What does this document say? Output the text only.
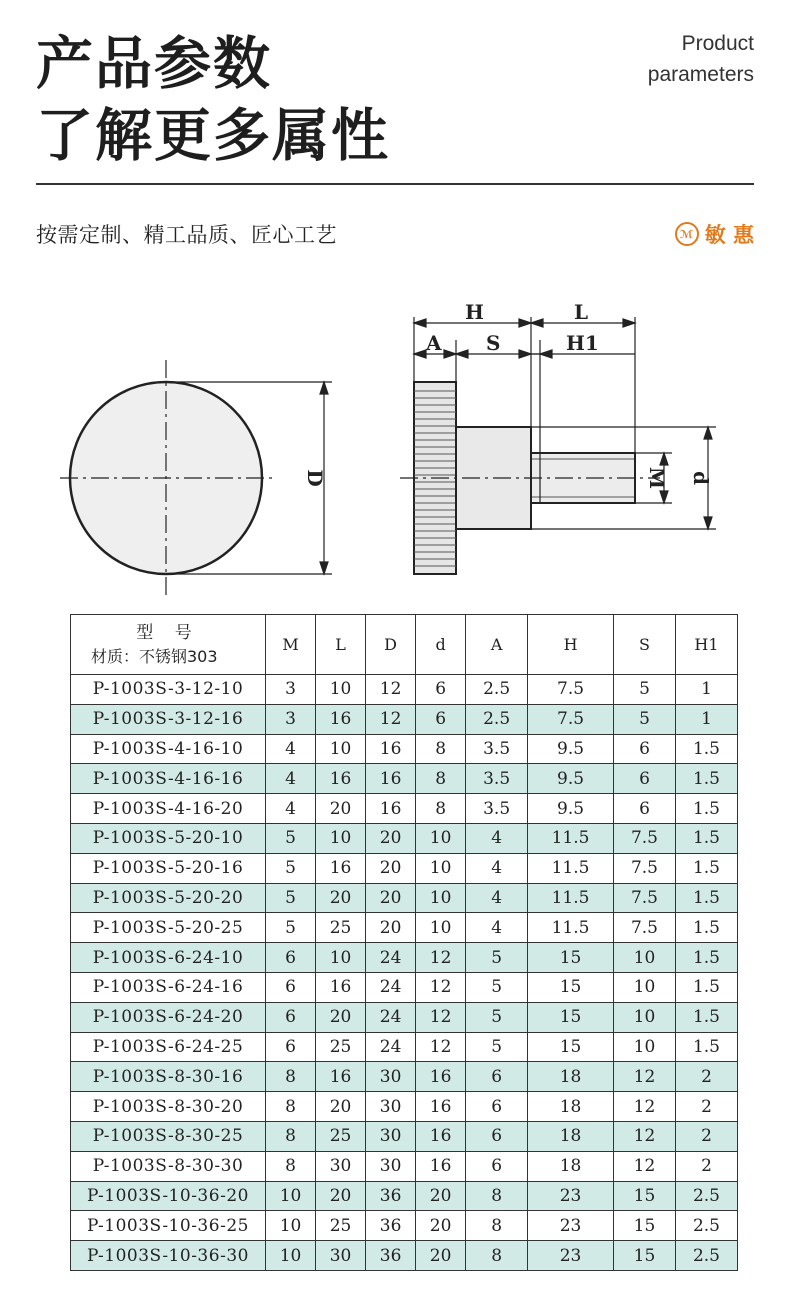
产品参数
了解更多属性
Product
parameters
按需定制、精工品质、匠心工艺	ℳ 敏 惠
H	L
A S	H1
D	M d
型 号
材质：不锈钢303	M	L	D	d	A	H	S	H1
P-1003S-3-12-10	3	10	12	6	2.5	7.5	5	1
P-1003S-3-12-16	3	16	12	6	2.5	7.5	5	1
P-1003S-4-16-10	4	10	16	8	3.5	9.5	6	1.5
P-1003S-4-16-16	4	16	16	8	3.5	9.5	6	1.5
P-1003S-4-16-20	4	20	16	8	3.5	9.5	6	1.5
P-1003S-5-20-10	5	10	20	10	4	11.5	7.5	1.5
P-1003S-5-20-16	5	16	20	10	4	11.5	7.5	1.5
P-1003S-5-20-20	5	20	20	10	4	11.5	7.5	1.5
P-1003S-5-20-25	5	25	20	10	4	11.5	7.5	1.5
P-1003S-6-24-10	6	10	24	12	5	15	10	1.5
P-1003S-6-24-16	6	16	24	12	5	15	10	1.5
P-1003S-6-24-20	6	20	24	12	5	15	10	1.5
P-1003S-6-24-25	6	25	24	12	5	15	10	1.5
P-1003S-8-30-16	8	16	30	16	6	18	12	2
P-1003S-8-30-20	8	20	30	16	6	18	12	2
P-1003S-8-30-25	8	25	30	16	6	18	12	2
P-1003S-8-30-30	8	30	30	16	6	18	12	2
P-1003S-10-36-20	10	20	36	20	8	23	15	2.5
P-1003S-10-36-25	10	25	36	20	8	23	15	2.5
P-1003S-10-36-30	10	30	36	20	8	23	15	2.5
